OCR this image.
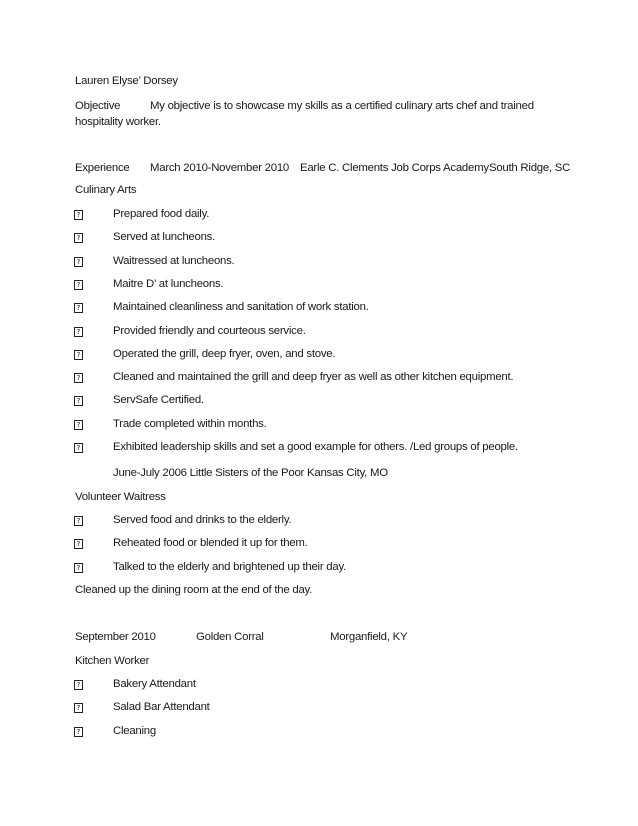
Lauren Elyse’ Dorsey
Objective	My objective is to showcase my skills as a certified culinary arts chef and trained
hospitality worker.
Experience March 2010-November 2010 Earle C. Clements Job Corps Academy South Ridge, SC
Culinary Arts
?	Prepared food daily.
?	Served at luncheons.
?	Waitressed at luncheons.
?	Maitre D’ at luncheons.
?	Maintained cleanliness and sanitation of work station.
?	Provided friendly and courteous service.
?	Operated the grill, deep fryer, oven, and stove.
?	Cleaned and maintained the grill and deep fryer as well as other kitchen equipment.
?	ServSafe Certified.
?	Trade completed within months.
?	Exhibited leadership skills and set a good example for others. /Led groups of people.
June-July 2006 Little Sisters of the Poor Kansas City, MO
Volunteer Waitress
?	Served food and drinks to the elderly.
?	Reheated food or blended it up for them.
?	Talked to the elderly and brightened up their day.
Cleaned up the dining room at the end of the day.
September 2010	Golden Corral	Morganfield, KY
Kitchen Worker
?	Bakery Attendant
?	Salad Bar Attendant
?	Cleaning
